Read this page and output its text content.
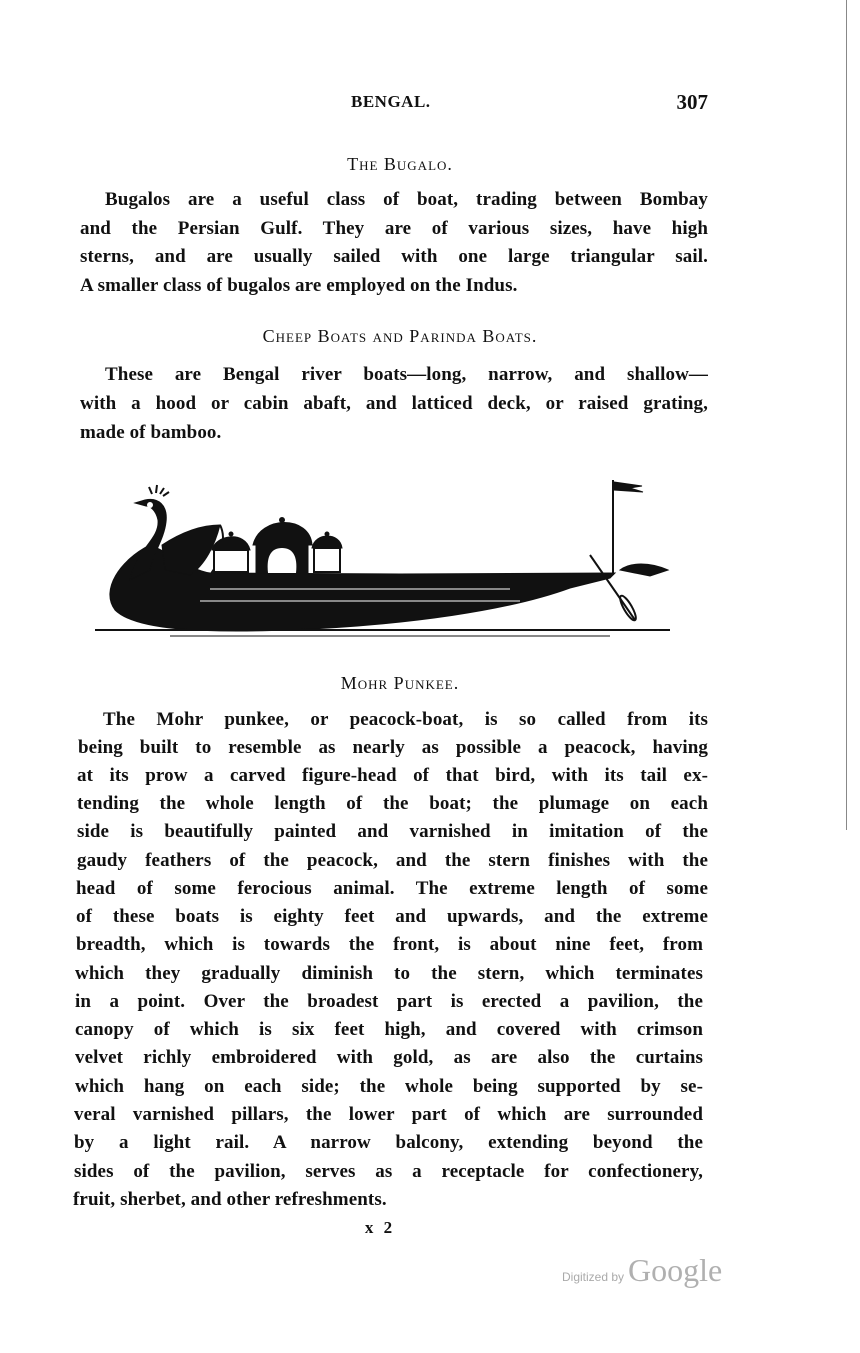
BENGAL.	307
The Bugalo.
Bugalos are a useful class of boat, trading between Bombay
and the Persian Gulf. They are of various sizes, have high
sterns, and are usually sailed with one large triangular sail.
A smaller class of bugalos are employed on the Indus.
Cheep Boats and Parinda Boats.
These are Bengal river boats—long, narrow, and shallow—
with a hood or cabin abaft, and latticed deck, or raised grating,
made of bamboo.
Mohr Punkee.
The Mohr punkee, or peacock-boat, is so called from its
being built to resemble as nearly as possible a peacock, having
at its prow a carved figure-head of that bird, with its tail ex-
tending the whole length of the boat; the plumage on each
side is beautifully painted and varnished in imitation of the
gaudy feathers of the peacock, and the stern finishes with the
head of some ferocious animal. The extreme length of some
of these boats is eighty feet and upwards, and the extreme
breadth, which is towards the front, is about nine feet, from
which they gradually diminish to the stern, which terminates
in a point. Over the broadest part is erected a pavilion, the
canopy of which is six feet high, and covered with crimson
velvet richly embroidered with gold, as are also the curtains
which hang on each side; the whole being supported by se-
veral varnished pillars, the lower part of which are surrounded
by a light rail. A narrow balcony, extending beyond the
sides of the pavilion, serves as a receptacle for confectionery,
fruit, sherbet, and other refreshments.
x 2
Digitized by Google
